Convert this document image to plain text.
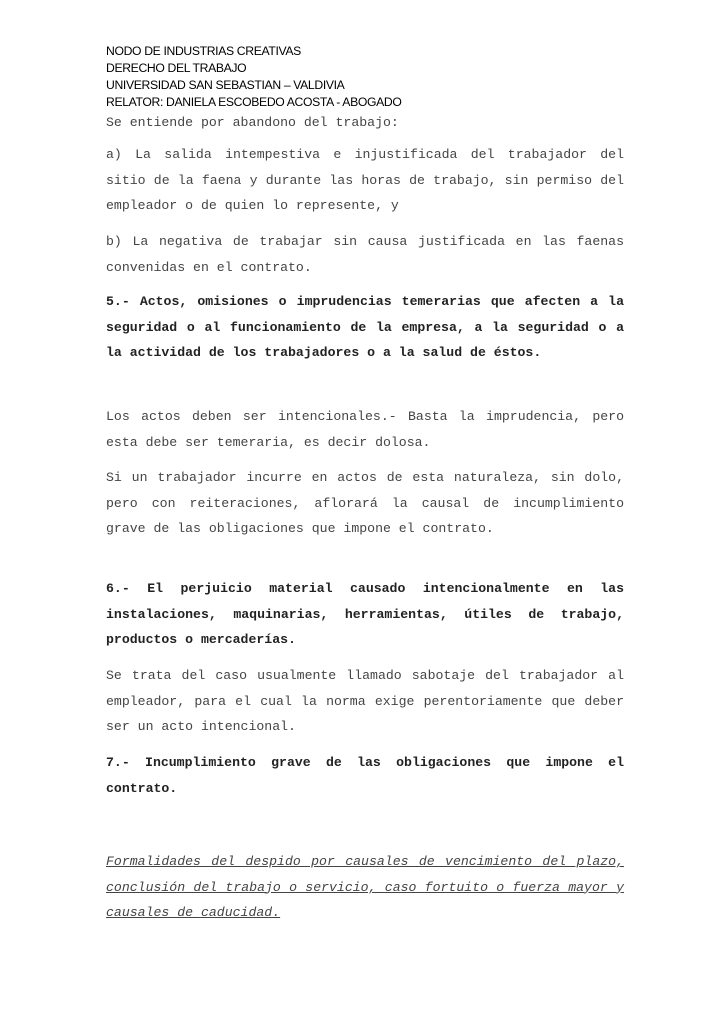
NODO DE INDUSTRIAS CREATIVAS
DERECHO DEL TRABAJO
UNIVERSIDAD SAN SEBASTIAN – VALDIVIA
RELATOR: DANIELA ESCOBEDO ACOSTA - ABOGADO

Se entiende por abandono del trabajo:

a) La salida intempestiva e injustificada del trabajador del sitio de la faena y durante las horas de trabajo, sin permiso del empleador o de quien lo represente, y

b) La negativa de trabajar sin causa justificada en las faenas convenidas en el contrato.

5.- Actos, omisiones o imprudencias temerarias que afecten a la seguridad o al funcionamiento de la empresa, a la seguridad o a la actividad de los trabajadores o a la salud de éstos.

Los actos deben ser intencionales.- Basta la imprudencia, pero esta debe ser temeraria, es decir dolosa.

Si un trabajador incurre en actos de esta naturaleza, sin dolo, pero con reiteraciones, aflorará la causal de incumplimiento grave de las obligaciones que impone el contrato.

6.- El perjuicio material causado intencionalmente en las instalaciones, maquinarias, herramientas, útiles de trabajo, productos o mercaderías.

Se trata del caso usualmente llamado sabotaje del trabajador al empleador, para el cual la norma exige perentoriamente que deber ser un acto intencional.

7.- Incumplimiento grave de las obligaciones que impone el contrato.

Formalidades del despido por causales de vencimiento del plazo, conclusión del trabajo o servicio, caso fortuito o fuerza mayor y causales de caducidad.
